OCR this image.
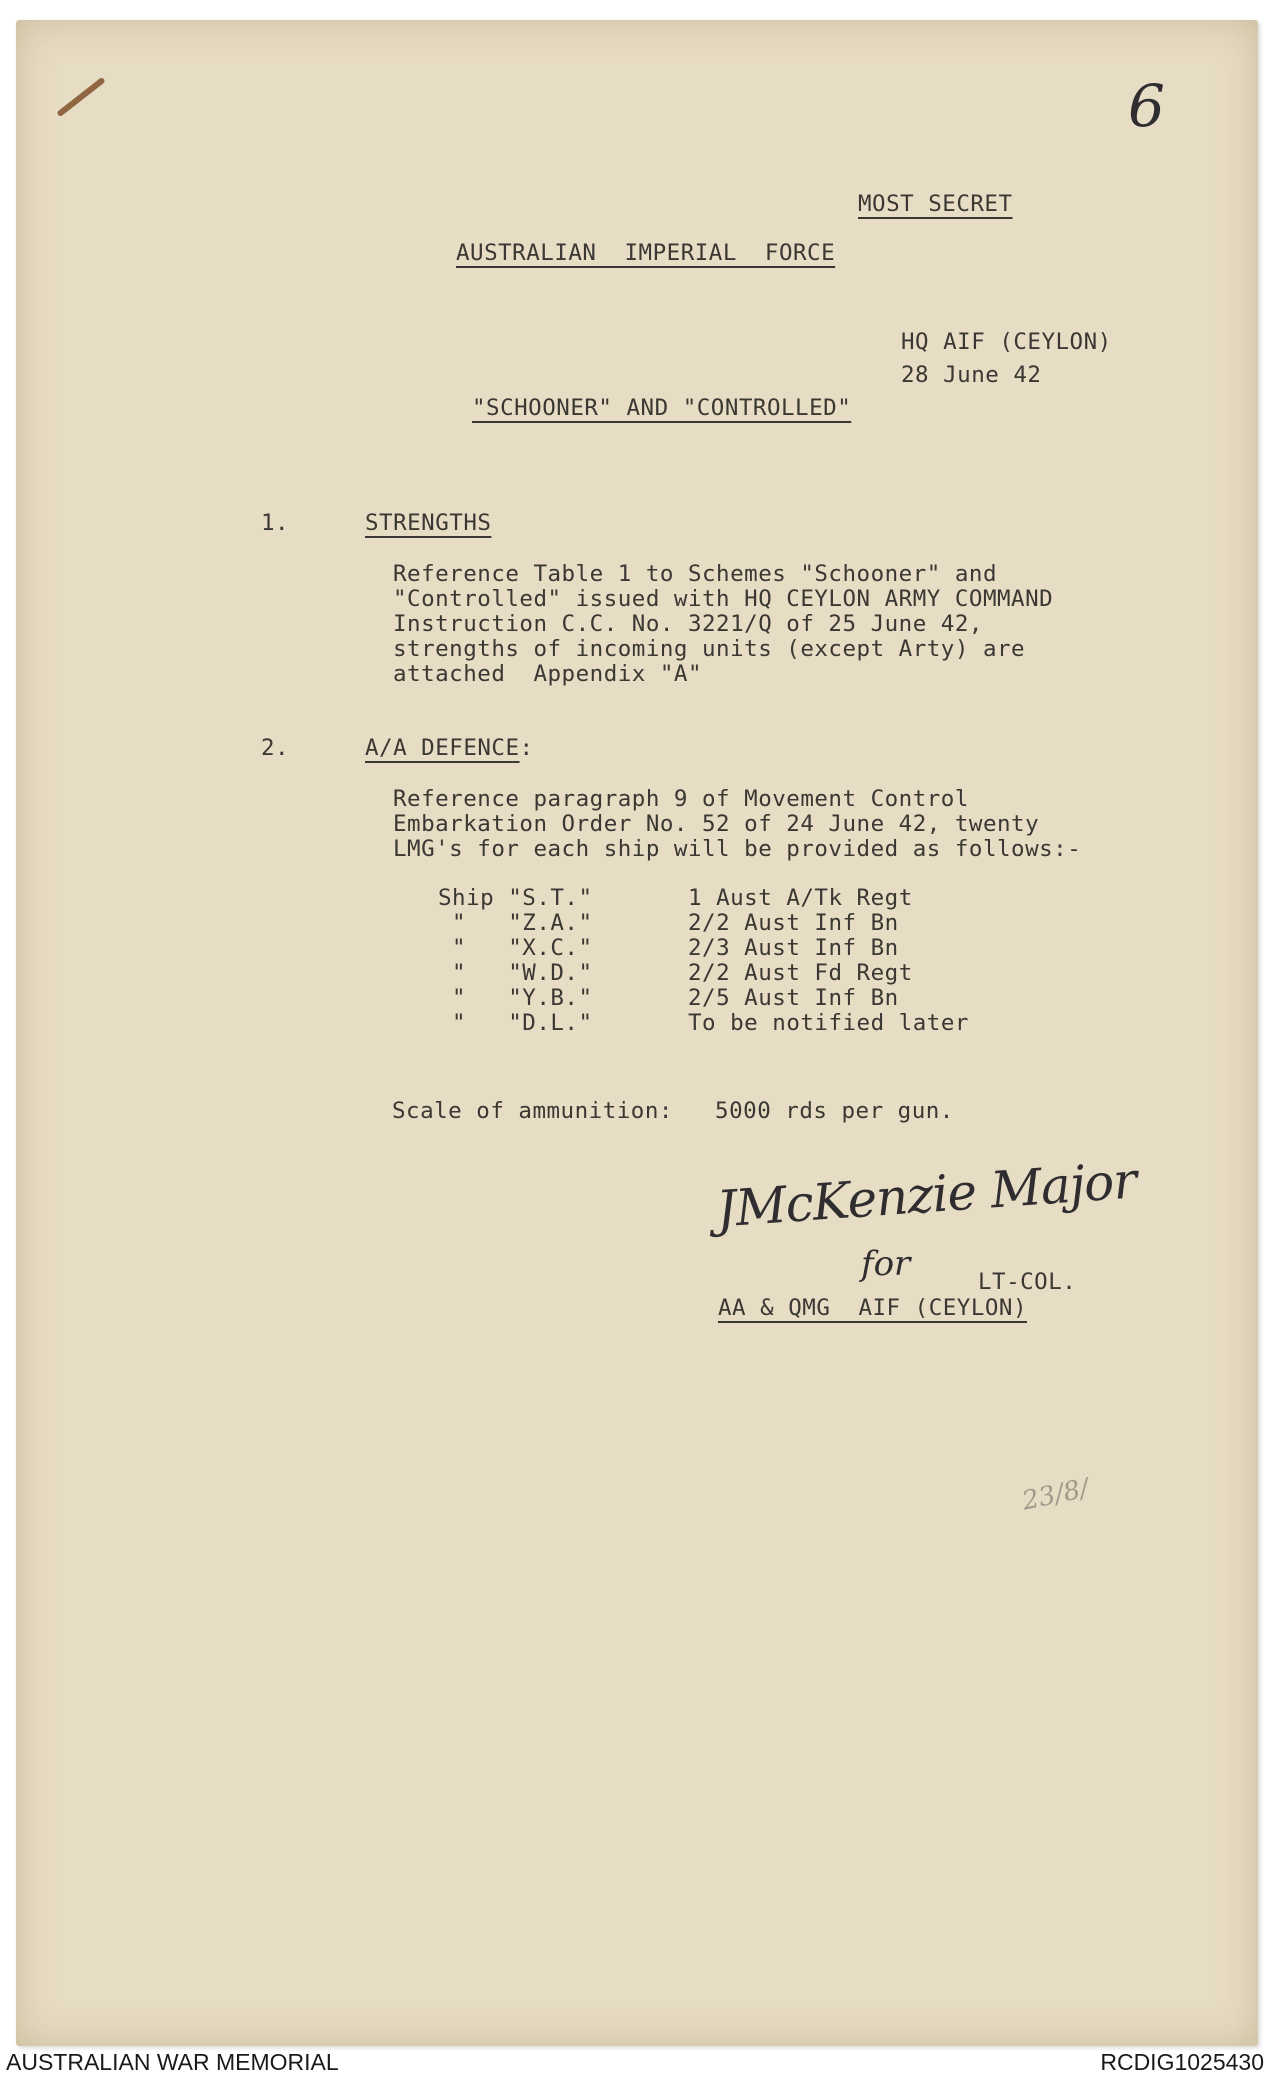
6
MOST SECRET
AUSTRALIAN IMPERIAL FORCE
HQ AIF (CEYLON)
28 June 42
"SCHOONER" AND "CONTROLLED"
1.	STRENGTHS
Reference Table 1 to Schemes "Schooner" and
"Controlled" issued with HQ CEYLON ARMY COMMAND
Instruction C.C. No. 3221/Q of 25 June 42,
strengths of incoming units (except Arty) are
attached  Appendix "A"
2.	A/A DEFENCE:
Reference paragraph 9 of Movement Control
Embarkation Order No. 52 of 24 June 42, twenty
LMG's for each ship will be provided as follows:-
Ship "S.T."	1 Aust A/Tk Regt
"   "Z.A."	2/2 Aust Inf Bn
"   "X.C."	2/3 Aust Inf Bn
"   "W.D."	2/2 Aust Fd Regt
"   "Y.B."	2/5 Aust Inf Bn
"   "D.L."	To be notified later
Scale of ammunition:   5000 rds per gun.
JMcKenzie Major
for	LT-COL.
AA & QMG  AIF (CEYLON)
23/8/
AUSTRALIAN WAR MEMORIAL	RCDIG1025430
